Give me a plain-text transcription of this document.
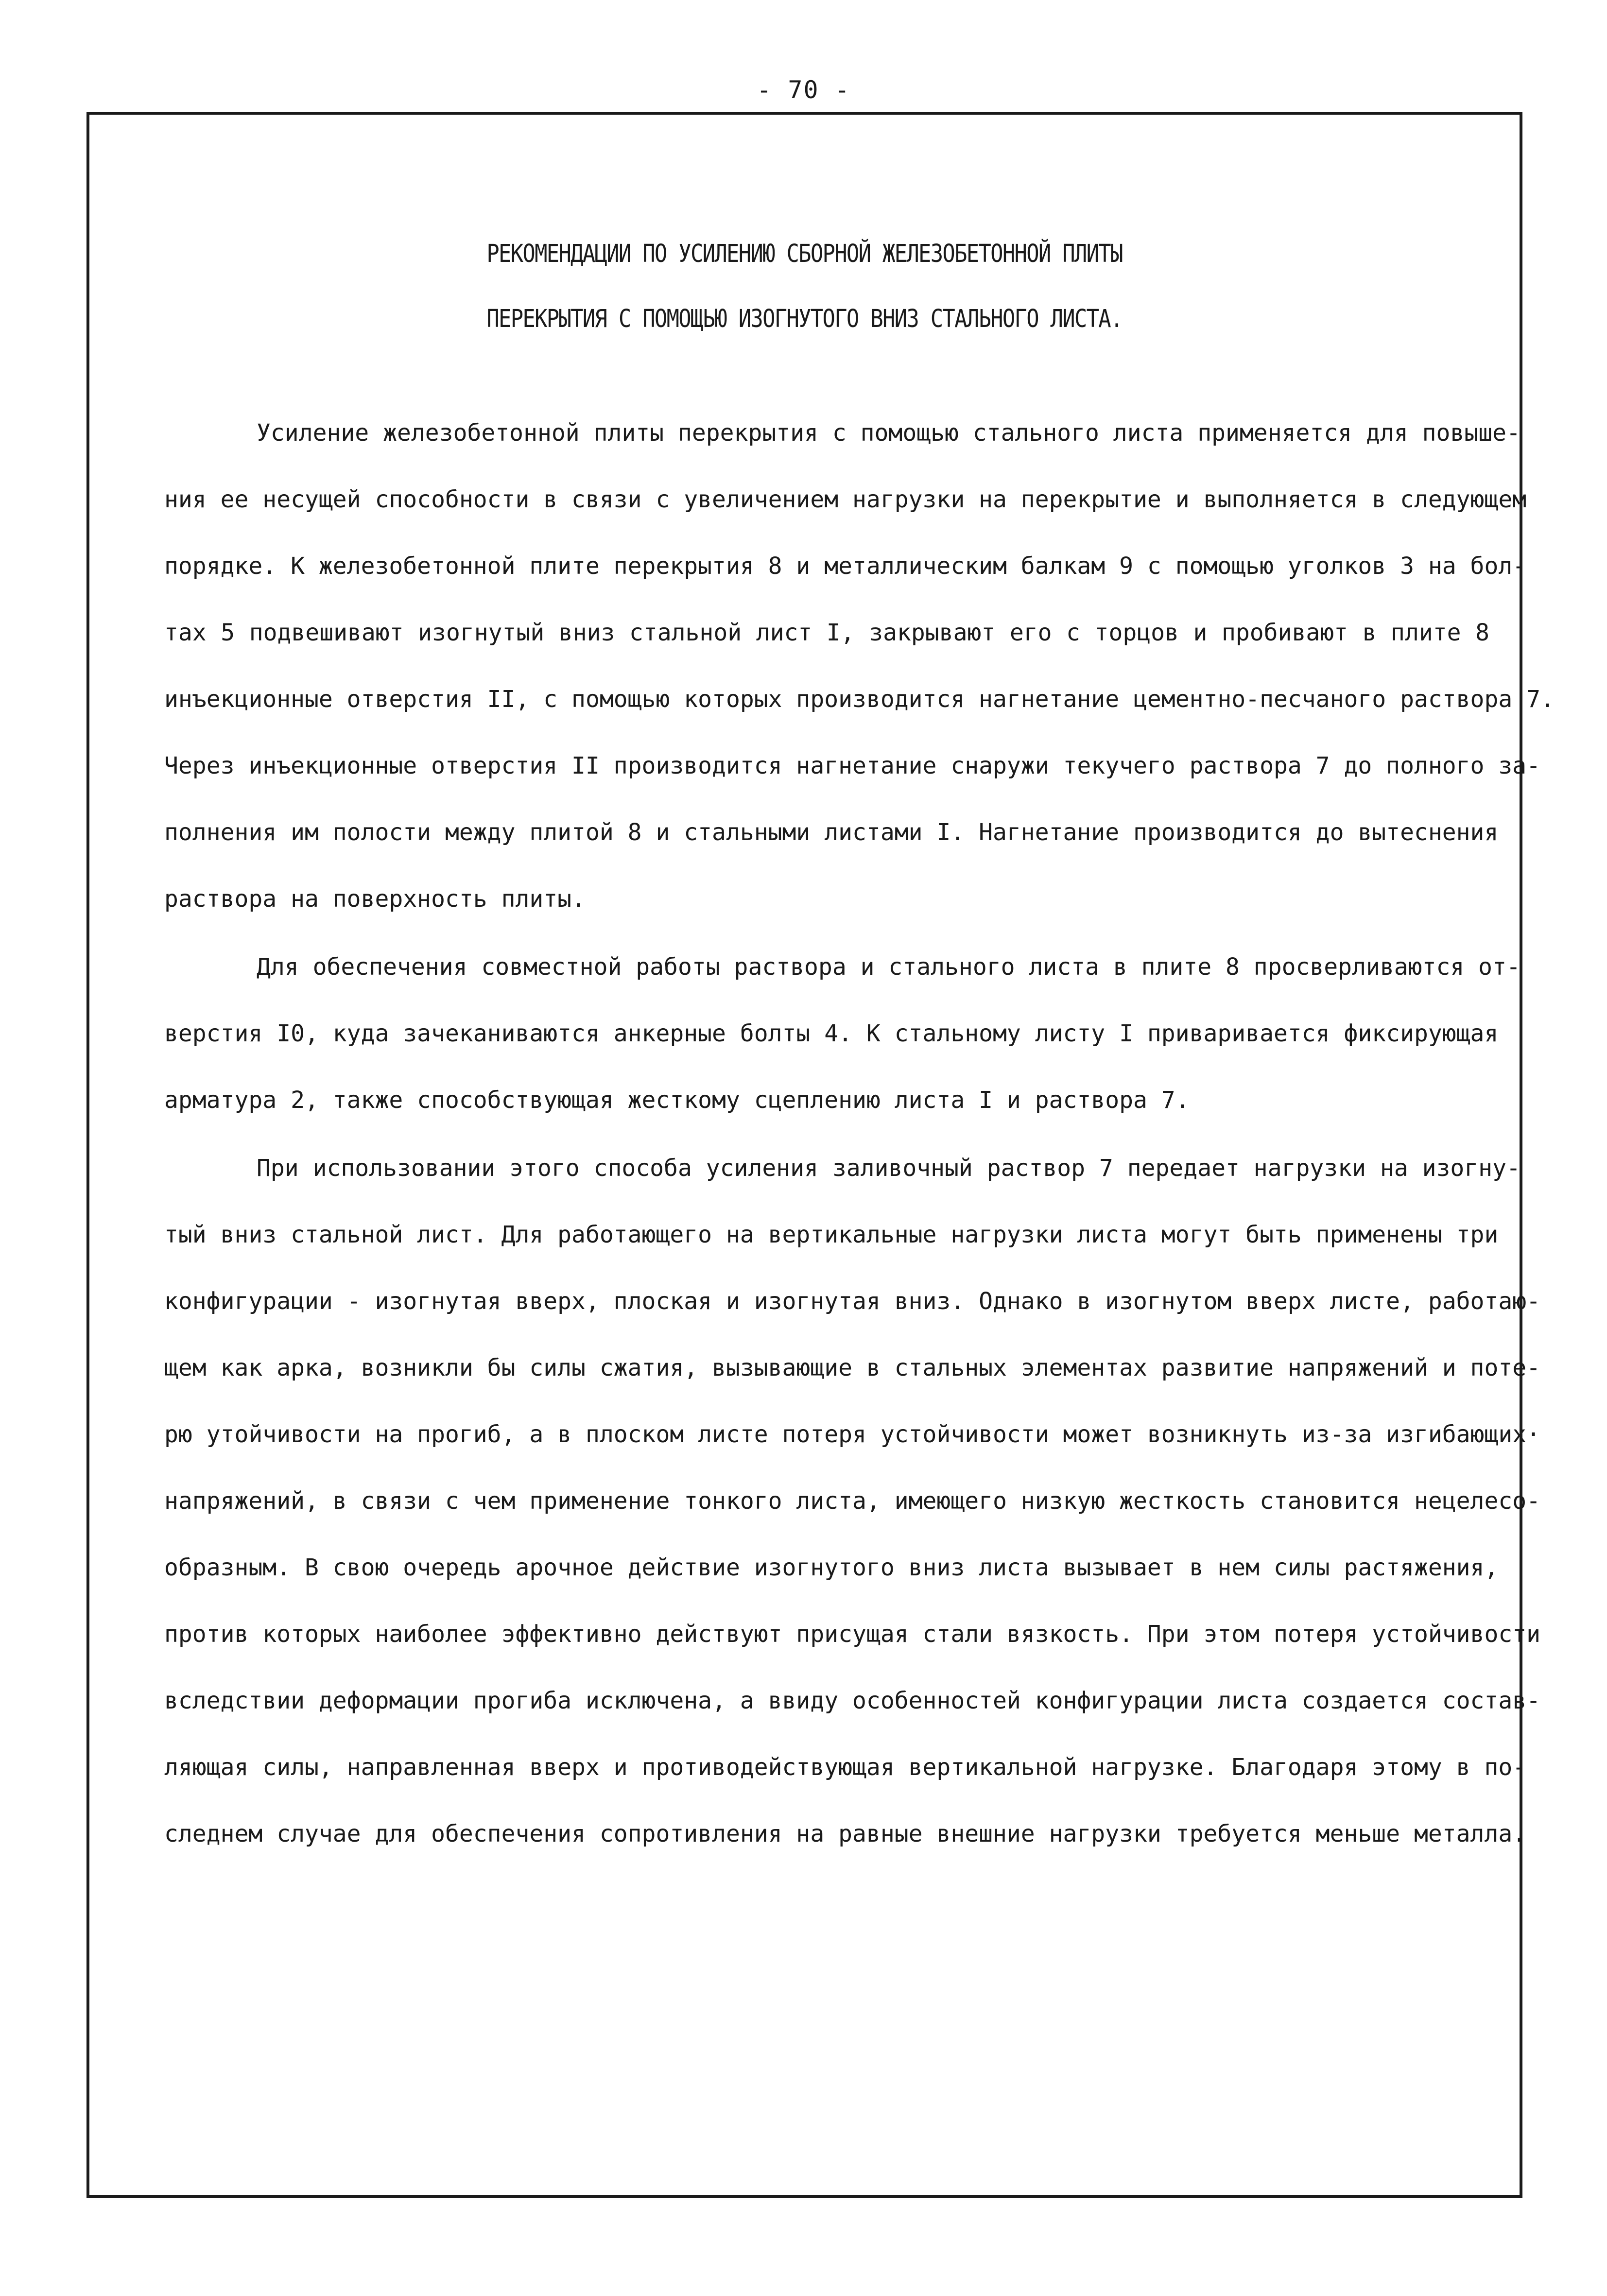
- 70 -
РЕКОМЕНДАЦИИ ПО УСИЛЕНИЮ СБОРНОЙ ЖЕЛЕЗОБЕТОННОЙ ПЛИТЫ
ПЕРЕКРЫТИЯ С ПОМОЩЬЮ ИЗОГНУТОГО ВНИЗ СТАЛЬНОГО ЛИСТА.
Усиление железобетонной плиты перекрытия с помощью стального листа применяется для повыше-
ния ее несущей способности в связи с увеличением нагрузки на перекрытие и выполняется в следующем
порядке. К железобетонной плите перекрытия 8 и металлическим балкам 9 с помощью уголков 3 на бол-
тах 5 подвешивают изогнутый вниз стальной лист I, закрывают его с торцов и пробивают в плите 8
инъекционные отверстия II, с помощью которых производится нагнетание цементно-песчаного раствора 7.
Через инъекционные отверстия II производится нагнетание снаружи текучего раствора 7 до полного за-
полнения им полости между плитой 8 и стальными листами I. Нагнетание производится до вытеснения
раствора на поверхность плиты.
Для обеспечения совместной работы раствора и стального листа в плите 8 просверливаются от-
верстия I0, куда зачеканиваются анкерные болты 4. К стальному листу I приваривается фиксирующая
арматура 2, также способствующая жесткому сцеплению листа I и раствора 7.
При использовании этого способа усиления заливочный раствор 7 передает нагрузки на изогну-
тый вниз стальной лист. Для работающего на вертикальные нагрузки листа могут быть применены три
конфигурации - изогнутая вверх, плоская и изогнутая вниз. Однако в изогнутом вверх листе, работаю-
щем как арка, возникли бы силы сжатия, вызывающие в стальных элементах развитие напряжений и поте-
рю утойчивости на прогиб, а в плоском листе потеря устойчивости может возникнуть из-за изгибающих·
напряжений, в связи с чем применение тонкого листа, имеющего низкую жесткость становится нецелесо-
образным. В свою очередь арочное действие изогнутого вниз листа вызывает в нем силы растяжения,
против которых наиболее эффективно действуют присущая стали вязкость. При этом потеря устойчивости
вследствии деформации прогиба исключена, а ввиду особенностей конфигурации листа создается состав-
ляющая силы, направленная вверх и противодействующая вертикальной нагрузке. Благодаря этому в по-
следнем случае для обеспечения сопротивления на равные внешние нагрузки требуется меньше металла.
